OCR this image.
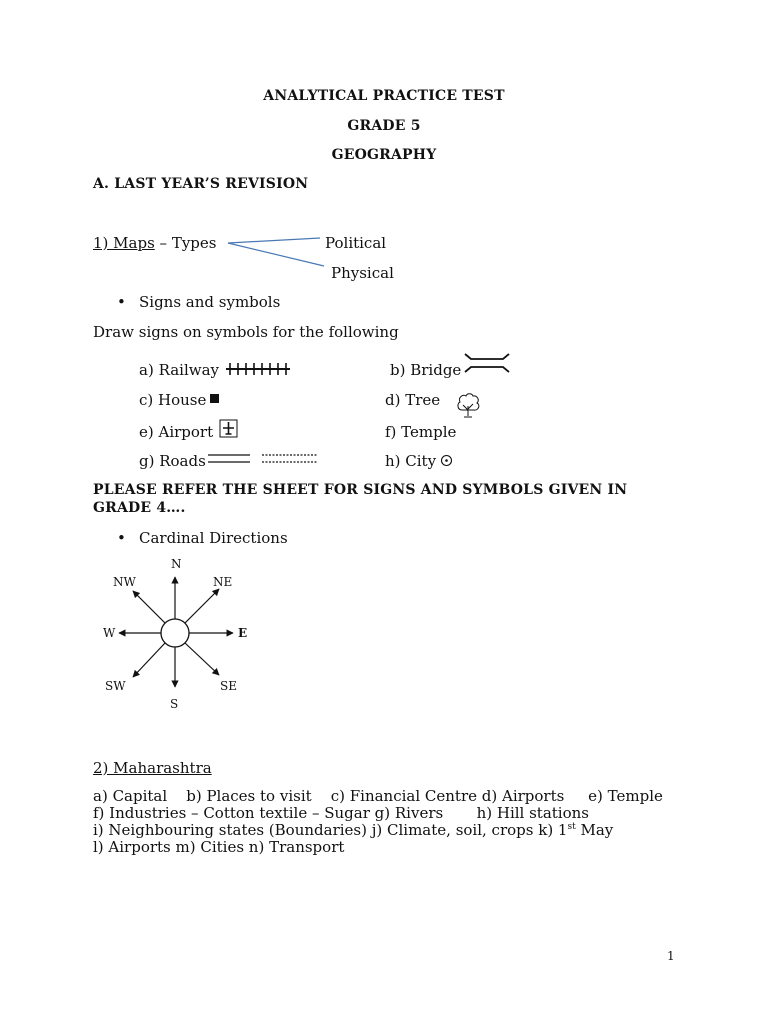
ANALYTICAL PRACTICE TEST
GRADE 5
GEOGRAPHY
A. LAST YEAR’S REVISION
1) Maps – Types	Political
Physical
• Signs and symbols
Draw signs on symbols for the following
a) Railway	b) Bridge
c) House	d) Tree
e) Airport	f) Temple
g) Roads	h) City
PLEASE REFER THE SHEET FOR SIGNS AND SYMBOLS GIVEN IN
GRADE 4….
• Cardinal Directions
N
NE
E
SE
S
SW
W
NW
2) Maharashtra
a) Capital    b) Places to visit    c) Financial Centre d) Airports     e) Temple
f) Industries – Cotton textile – Sugar g) Rivers       h) Hill stations
i) Neighbouring states (Boundaries) j) Climate, soil, crops k) 1st May
l) Airports m) Cities n) Transport
1
